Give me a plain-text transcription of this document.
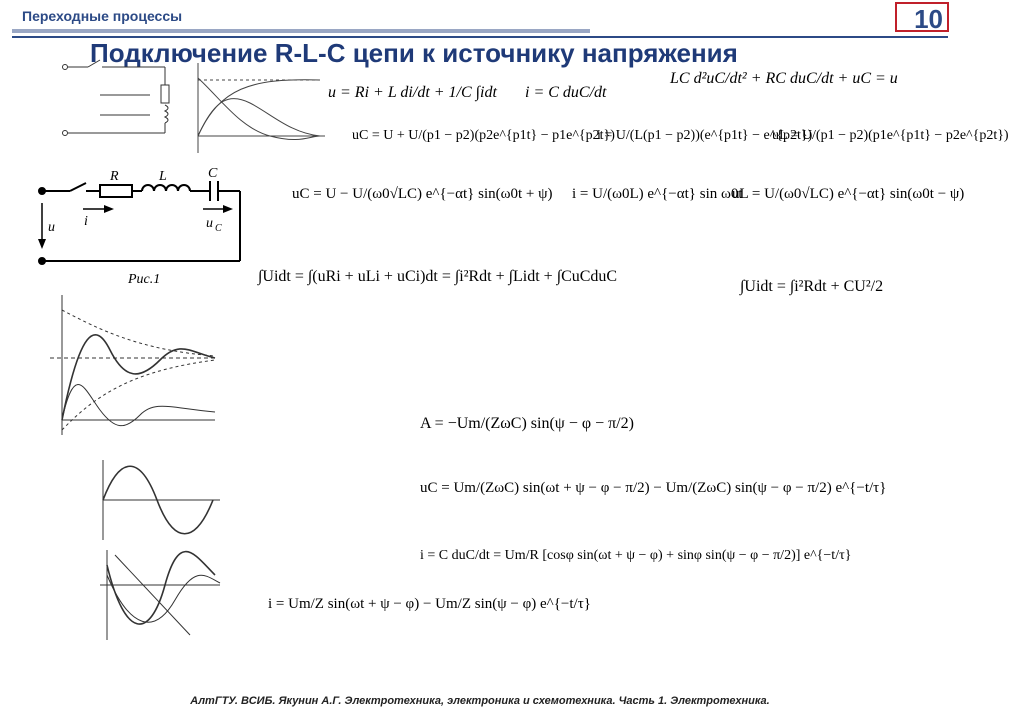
Переходные процессы	10
Подключение R-L-C цепи к источнику напряжения
R	L	C
u C
u i
Рис.1
u = Ri + L di/dt + 1/C ∫idt i = C duC/dt
LC d²uC/dt² + RC duC/dt + uC = u
uC = U + U/(p1 − p2)(p2e^{p1t} − p1e^{p2t})
i = U/(L(p1 − p2))(e^{p1t} − e^{p2t})
uL = U/(p1 − p2)(p1e^{p1t} − p2e^{p2t})
uC = U − U/(ω0√LC) e^{−αt} sin(ω0t + ψ) i = U/(ω0L) e^{−αt} sin ω0t
uL = U/(ω0√LC) e^{−αt} sin(ω0t − ψ)
∫Uidt = ∫(uRi + uLi + uCi)dt = ∫i²Rdt + ∫Lidt + ∫CuCduC
∫Uidt = ∫i²Rdt + CU²/2
A = −Um/(ZωC) sin(ψ − φ − π/2)
uC = Um/(ZωC) sin(ωt + ψ − φ − π/2) − Um/(ZωC) sin(ψ − φ − π/2) e^{−t/τ}
i = C duC/dt = Um/R [cosφ sin(ωt + ψ − φ) + sinφ sin(ψ − φ − π/2)] e^{−t/τ}
i = Um/Z sin(ωt + ψ − φ) − Um/Z sin(ψ − φ) e^{−t/τ}
АлтГТУ. ВСИБ. Якунин А.Г. Электротехника, электроника и схемотехника. Часть 1. Электротехника.
